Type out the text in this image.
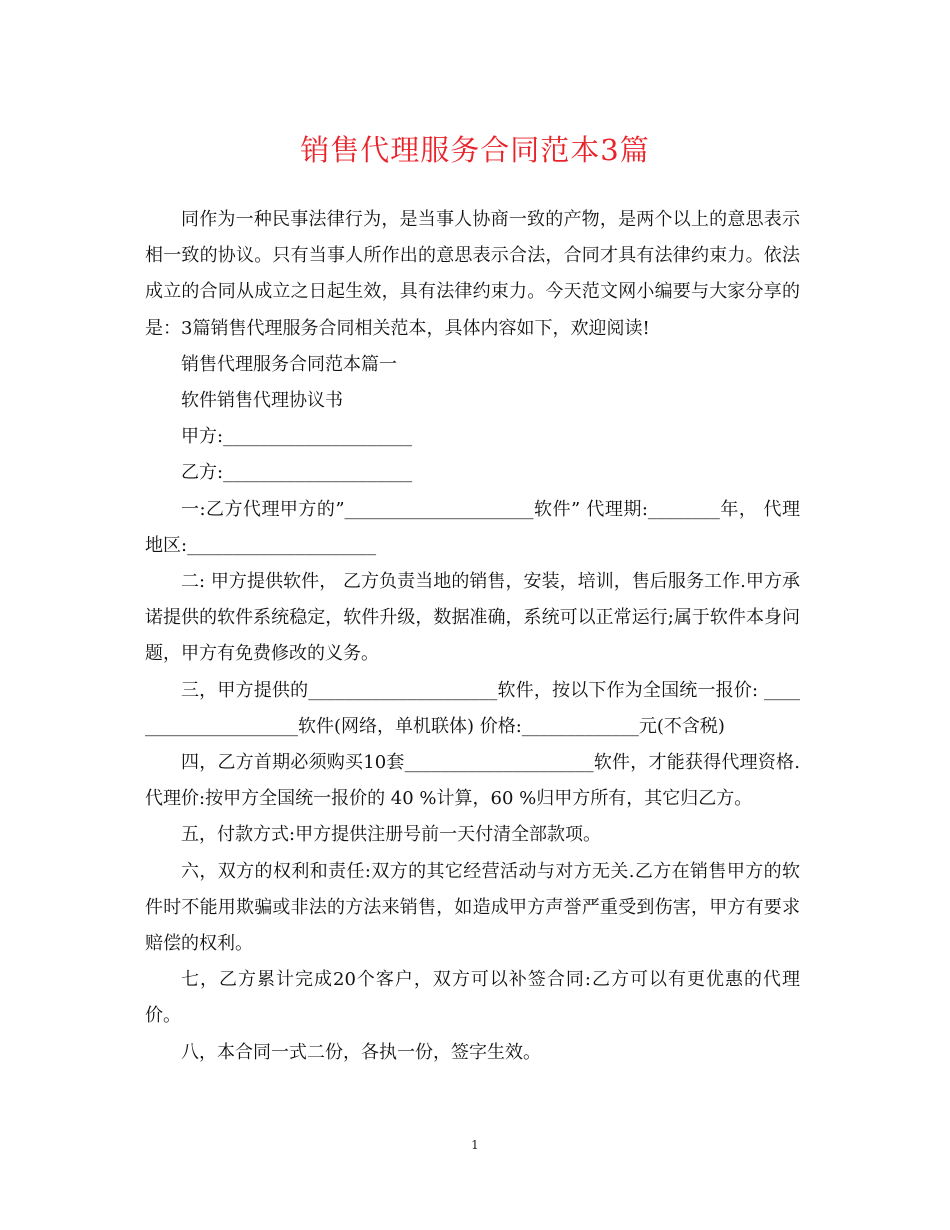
销售代理服务合同范本3篇

同作为一种民事法律行为，是当事人协商一致的产物，是两个以上的意思表示相一致的协议。只有当事人所作出的意思表示合法，合同才具有法律约束力。依法成立的合同从成立之日起生效，具有法律约束力。今天范文网小编要与大家分享的是：3篇销售代理服务合同相关范本，具体内容如下，欢迎阅读!

销售代理服务合同范本篇一

软件销售代理协议书

甲方:_____________________

乙方:_____________________

一:乙方代理甲方的”_____________________软件” 代理期:________年， 代理地区:_____________________

二: 甲方提供软件， 乙方负责当地的销售，安装，培训，售后服务工作.甲方承诺提供的软件系统稳定，软件升级，数据准确，系统可以正常运行;属于软件本身问题，甲方有免费修改的义务。

三，甲方提供的_____________________软件，按以下作为全国统一报价: _____________________软件(网络，单机联体) 价格:_____________元(不含税)

四，乙方首期必须购买10套_____________________软件，才能获得代理资格. 代理价:按甲方全国统一报价的 40 %计算，60 %归甲方所有，其它归乙方。

五，付款方式:甲方提供注册号前一天付清全部款项。

六，双方的权利和责任:双方的其它经营活动与对方无关.乙方在销售甲方的软件时不能用欺骗或非法的方法来销售，如造成甲方声誉严重受到伤害，甲方有要求赔偿的权利。

七，乙方累计完成20个客户，双方可以补签合同:乙方可以有更优惠的代理价。

八，本合同一式二份，各执一份，签字生效。

1
